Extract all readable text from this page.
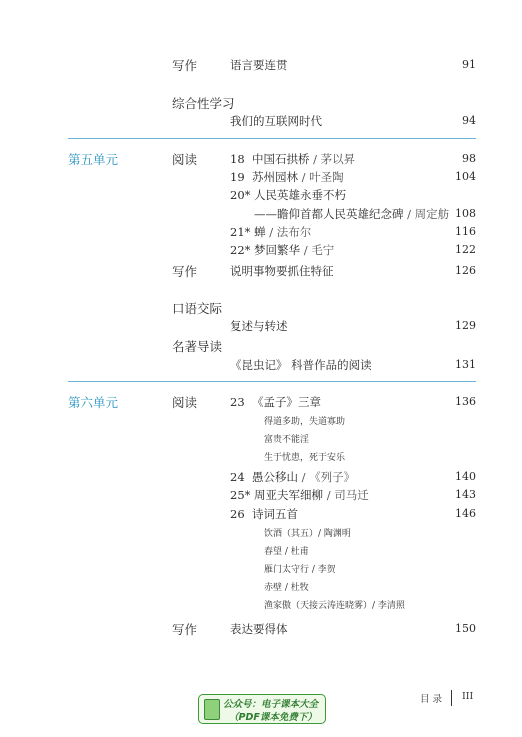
写作	语言要连贯	91
综合性学习
我们的互联网时代	94
第五单元	阅读	18 中国石拱桥 / 茅以昇	98
19 苏州园林 / 叶圣陶	104
20* 人民英雄永垂不朽
——瞻仰首都人民英雄纪念碑 / 周定舫 108
21* 蝉 / 法布尔	116
22* 梦回繁华 / 毛宁	122
写作	说明事物要抓住特征	126
口语交际
复述与转述	129
名著导读
《昆虫记》 科普作品的阅读	131
第六单元	阅读	23 《孟子》三章	136
得道多助，失道寡助
富贵不能淫
生于忧患，死于安乐
24 愚公移山 / 《列子》	140
25* 周亚夫军细柳 / 司马迁	143
26 诗词五首	146
饮酒（其五）/ 陶渊明
春望 / 杜甫
雁门太守行 / 李贺
赤壁 / 杜牧
渔家傲（天接云涛连晓雾）/ 李清照
写作	表达要得体	150
目 录 III
公众号：电子课本大全
（PDF课本免费下）
